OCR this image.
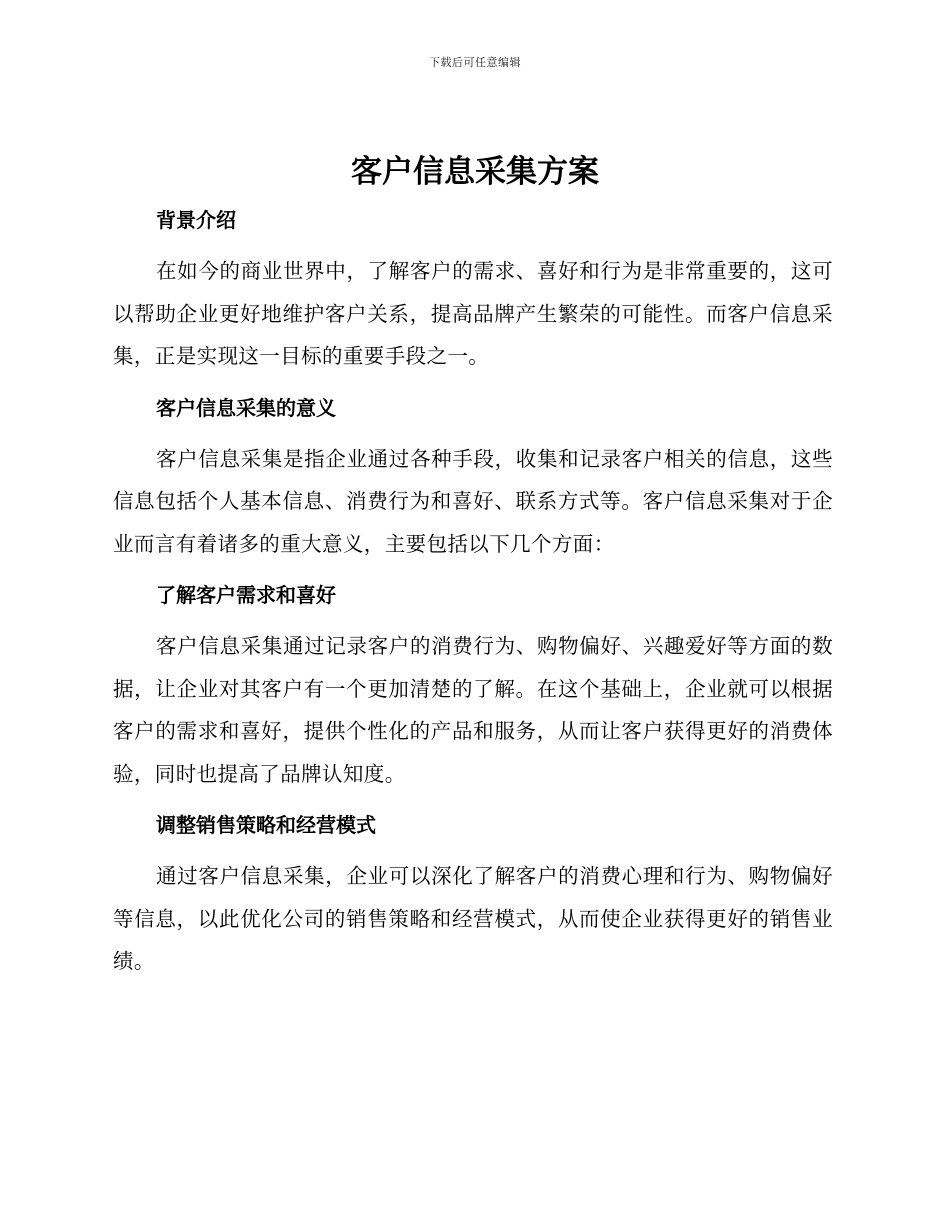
下载后可任意编辑
客户信息采集方案
背景介绍

在如今的商业世界中，了解客户的需求、喜好和行为是非常重要的，这可以帮助企业更好地维护客户关系，提高品牌产生繁荣的可能性。而客户信息采集，正是实现这一目标的重要手段之一。

客户信息采集的意义

客户信息采集是指企业通过各种手段，收集和记录客户相关的信息，这些信息包括个人基本信息、消费行为和喜好、联系方式等。客户信息采集对于企业而言有着诸多的重大意义，主要包括以下几个方面：

了解客户需求和喜好

客户信息采集通过记录客户的消费行为、购物偏好、兴趣爱好等方面的数据，让企业对其客户有一个更加清楚的了解。在这个基础上，企业就可以根据客户的需求和喜好，提供个性化的产品和服务，从而让客户获得更好的消费体验，同时也提高了品牌认知度。

调整销售策略和经营模式

通过客户信息采集，企业可以深化了解客户的消费心理和行为、购物偏好等信息，以此优化公司的销售策略和经营模式，从而使企业获得更好的销售业绩。
